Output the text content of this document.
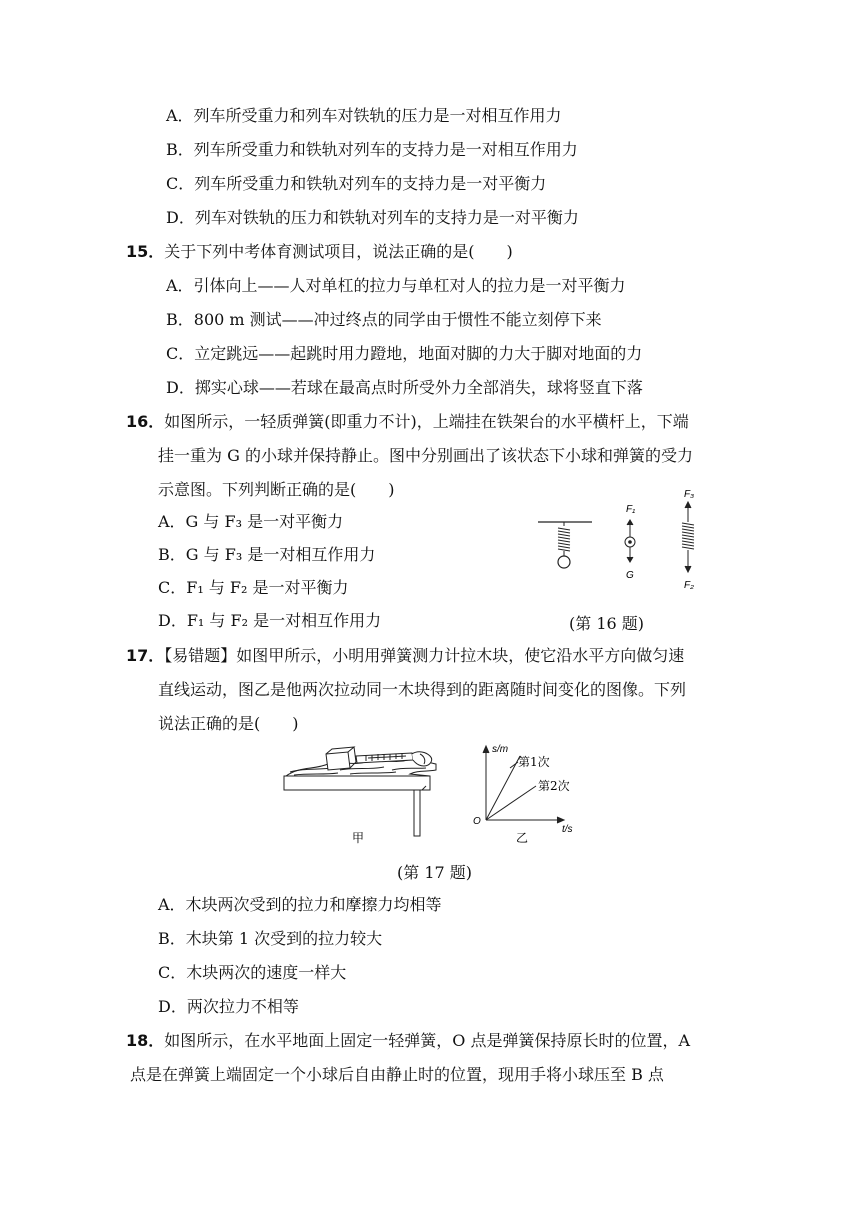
A．列车所受重力和列车对铁轨的压力是一对相互作用力
B．列车所受重力和铁轨对列车的支持力是一对相互作用力
C．列车所受重力和铁轨对列车的支持力是一对平衡力
D．列车对铁轨的压力和铁轨对列车的支持力是一对平衡力
15．关于下列中考体育测试项目，说法正确的是(　　)
A．引体向上——人对单杠的拉力与单杠对人的拉力是一对平衡力
B．800 m 测试——冲过终点的同学由于惯性不能立刻停下来
C．立定跳远——起跳时用力蹬地，地面对脚的力大于脚对地面的力
D．掷实心球——若球在最高点时所受外力全部消失，球将竖直下落
16．如图所示，一轻质弹簧(即重力不计)，上端挂在铁架台的水平横杆上，下端
挂一重为 G 的小球并保持静止。图中分别画出了该状态下小球和弹簧的受力
示意图。下列判断正确的是(　　)
A．G 与 F₃ 是一对平衡力
B．G 与 F₃ 是一对相互作用力
C．F₁ 与 F₂ 是一对平衡力
D．F₁ 与 F₂ 是一对相互作用力
F₁
G
F₃
F₂
(第 16 题)
17．【易错题】如图甲所示，小明用弹簧测力计拉木块，使它沿水平方向做匀速
直线运动，图乙是他两次拉动同一木块得到的距离随时间变化的图像。下列
说法正确的是(　　)
甲
s/m
t/s
O
第1次
第2次
乙
(第 17 题)
A．木块两次受到的拉力和摩擦力均相等
B．木块第 1 次受到的拉力较大
C．木块两次的速度一样大
D．两次拉力不相等
18．如图所示，在水平地面上固定一轻弹簧，O 点是弹簧保持原长时的位置，A
点是在弹簧上端固定一个小球后自由静止时的位置，现用手将小球压至 B 点
